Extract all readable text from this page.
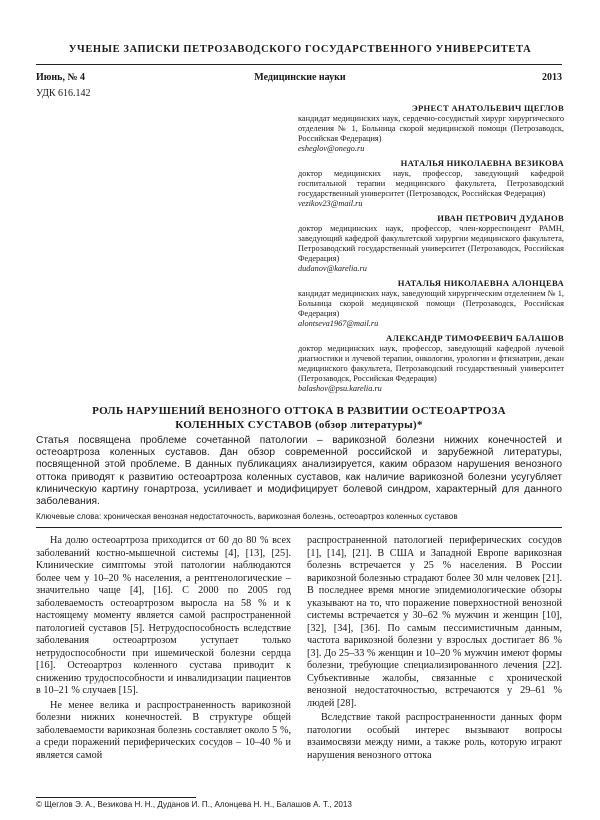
УЧЕНЫЕ ЗАПИСКИ ПЕТРОЗАВОДСКОГО ГОСУДАРСТВЕННОГО УНИВЕРСИТЕТА
Июнь, № 4	Медицинские науки	2013
УДК 616.142
ЭРНЕСТ АНАТОЛЬЕВИЧ ЩЕГЛОВ
кандидат медицинских наук, сердечно-сосудистый хирург хирургического отделения № 1, Больница скорой медицинской помощи (Петрозаводск, Российская Федерация)
esheglov@onego.ru
НАТАЛЬЯ НИКОЛАЕВНА ВЕЗИКОВА
доктор медицинских наук, профессор, заведующий кафедрой госпитальной терапии медицинского факультета, Петрозаводский государственный университет (Петрозаводск, Российская Федерация)
vezikov23@mail.ru
ИВАН ПЕТРОВИЧ ДУДАНОВ
доктор медицинских наук, профессор, член-корреспондент РАМН, заведующий кафедрой факультетской хирургии медицинского факультета, Петрозаводский государственный университет (Петрозаводск, Российская Федерация)
dudanov@karelia.ru
НАТАЛЬЯ НИКОЛАЕВНА АЛОНЦЕВА
кандидат медицинских наук, заведующий хирургическим отделением № 1, Больница скорой медицинской помощи (Петрозаводск, Российская Федерация)
alontseva1967@mail.ru
АЛЕКСАНДР ТИМОФЕЕВИЧ БАЛАШОВ
доктор медицинских наук, профессор, заведующий кафедрой лучевой диагностики и лучевой терапии, онкологии, урологии и фтизиатрии, декан медицинского факультета, Петрозаводский государственный университет (Петрозаводск, Российская Федерация)
balashov@psu.karelia.ru
РОЛЬ НАРУШЕНИЙ ВЕНОЗНОГО ОТТОКА В РАЗВИТИИ ОСТЕОАРТРОЗА
КОЛЕННЫХ СУСТАВОВ (обзор литературы)*
Статья посвящена проблеме сочетанной патологии – варикозной болезни нижних конечностей и остеоартроза коленных суставов. Дан обзор современной российской и зарубежной литературы, посвященной этой проблеме. В данных публикациях анализируется, каким образом нарушения венозного оттока приводят к развитию остеоартроза коленных суставов, как наличие варикозной болезни усугубляет клиническую картину гонартроза, усиливает и модифицирует болевой синдром, характерный для данного заболевания.
Ключевые слова: хроническая венозная недостаточность, варикозная болезнь, остеоартроз коленных суставов

На долю остеоартроза приходится от 60 до 80 % всех заболеваний костно-мышечной системы [4], [13], [25]. Клинические симптомы этой патологии наблюдаются более чем у 10–20 % населения, а рентгенологические – значительно чаще [4], [16]. С 2000 по 2005 год заболеваемость остеоартрозом выросла на 58 % и к настоящему моменту является самой распространенной патологией суставов [5]. Нетрудоспособность вследствие заболевания остеоартрозом уступает только нетрудоспособности при ишемической болезни сердца [16]. Остеоартроз коленного сустава приводит к снижению трудоспособности и инвалидизации пациентов в 10–21 % случаев [15].

Не менее велика и распространенность варикозной болезни нижних конечностей. В структуре общей заболеваемости варикозная болезнь составляет около 5 %, а среди поражений периферических сосудов – 10–40 % и является самой

распространенной патологией периферических сосудов [1], [14], [21]. В США и Западной Европе варикозная болезнь встречается у 25 % населения. В России варикозной болезнью страдают более 30 млн человек [21]. В последнее время многие эпидемиологические обзоры указывают на то, что поражение поверхностной венозной системы встречается у 30–62 % мужчин и женщин [10], [32], [34], [36]. По самым пессимистичным данным, частота варикозной болезни у взрослых достигает 86 % [3]. До 25–33 % женщин и 10–20 % мужчин имеют формы болезни, требующие специализированного лечения [22]. Субъективные жалобы, связанные с хронической венозной недостаточностью, встречаются у 29–61 % людей [28].

Вследствие такой распространенности данных форм патологии особый интерес вызывают вопросы взаимосвязи между ними, а также роль, которую играют нарушения венозного оттока

© Щеглов Э. А., Везикова Н. Н., Дуданов И. П., Алонцева Н. Н., Балашов А. Т., 2013
